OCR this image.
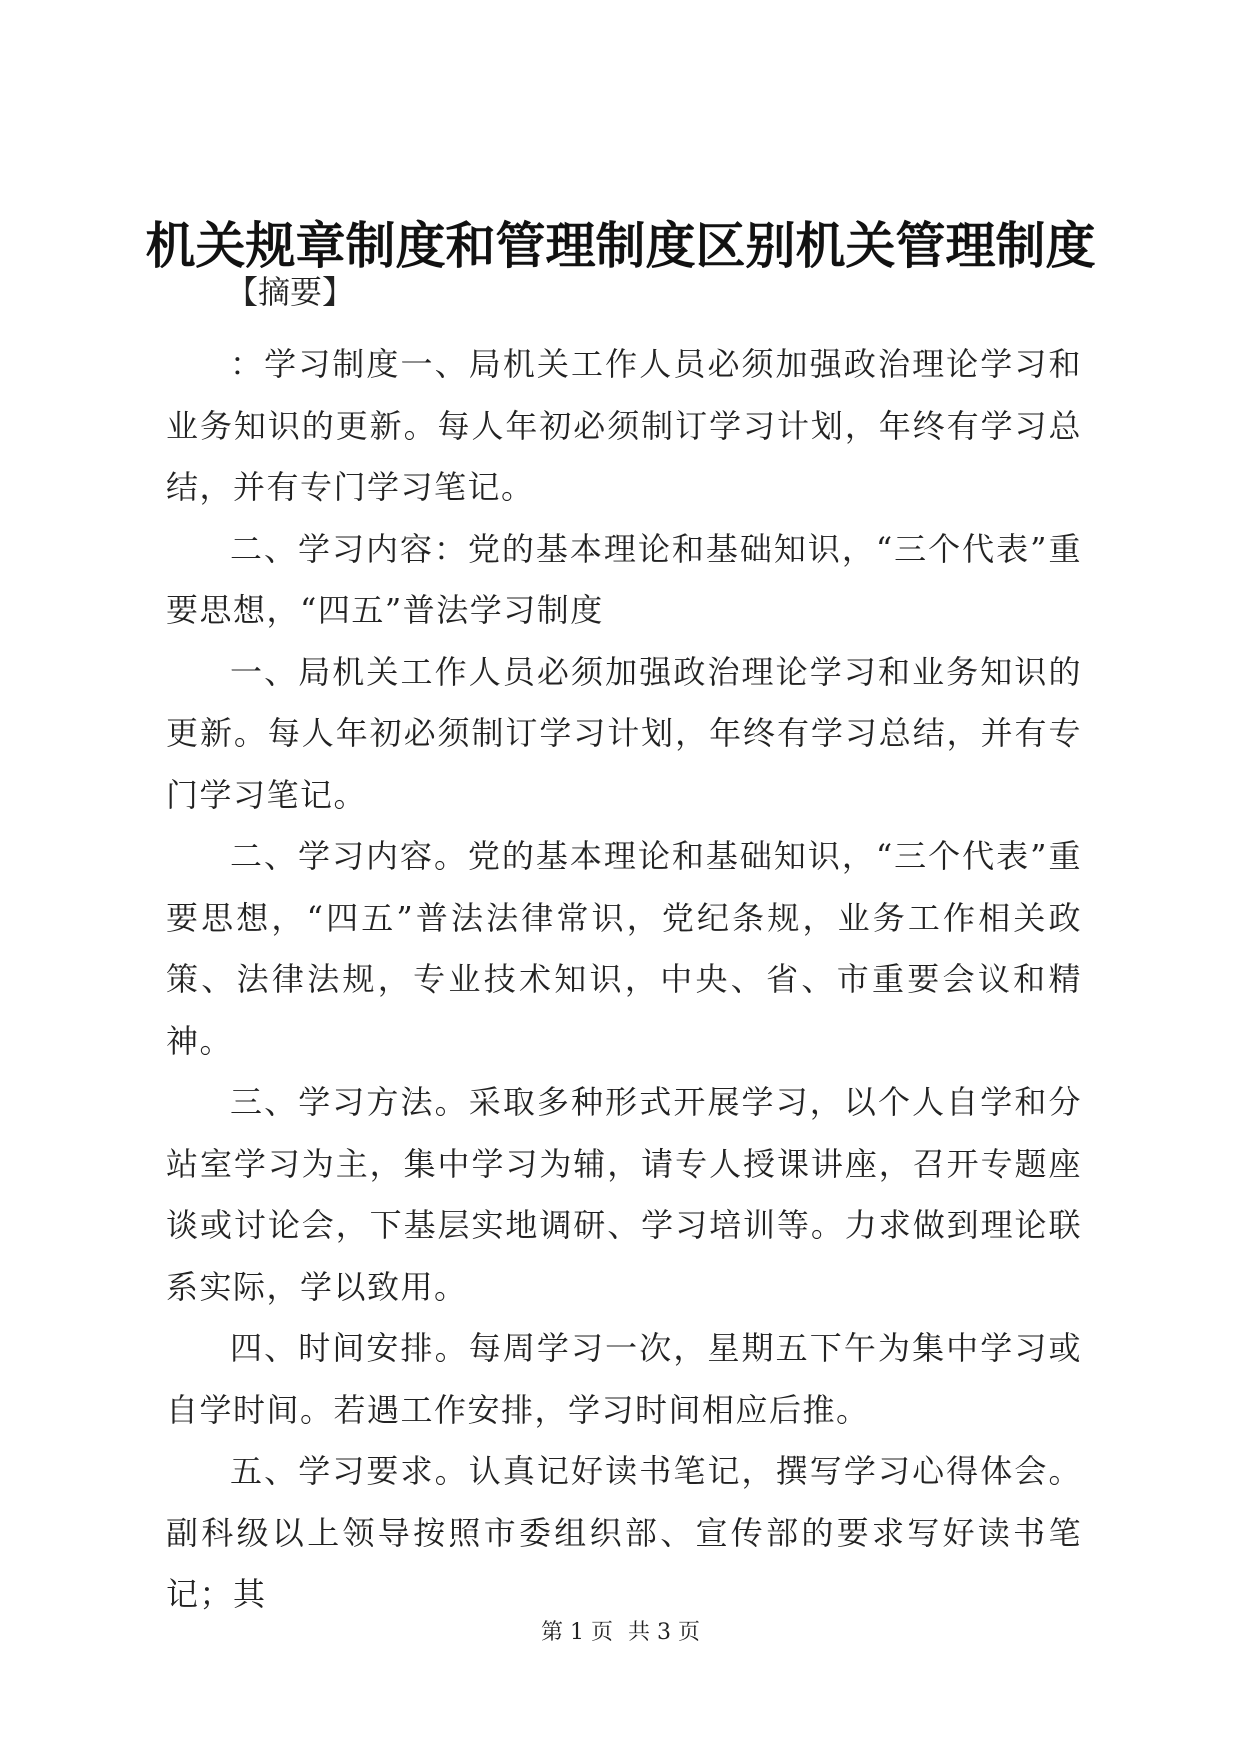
机关规章制度和管理制度区别机关管理制度
【摘要】

：学习制度一、局机关工作人员必须加强政治理论学习和业务知识的更新。每人年初必须制订学习计划，年终有学习总结，并有专门学习笔记。

二、学习内容：党的基本理论和基础知识，“三个代表”重要思想，“四五”普法学习制度

一、局机关工作人员必须加强政治理论学习和业务知识的更新。每人年初必须制订学习计划，年终有学习总结，并有专门学习笔记。

二、学习内容。党的基本理论和基础知识，“三个代表”重要思想，“四五”普法法律常识，党纪条规，业务工作相关政策、法律法规，专业技术知识，中央、省、市重要会议和精神。

三、学习方法。采取多种形式开展学习，以个人自学和分站室学习为主，集中学习为辅，请专人授课讲座，召开专题座谈或讨论会，下基层实地调研、学习培训等。力求做到理论联系实际，学以致用。

四、时间安排。每周学习一次，星期五下午为集中学习或自学时间。若遇工作安排，学习时间相应后推。

五、学习要求。认真记好读书笔记，撰写学习心得体会。副科级以上领导按照市委组织部、宣传部的要求写好读书笔记；其

第 1 页 共 3 页
